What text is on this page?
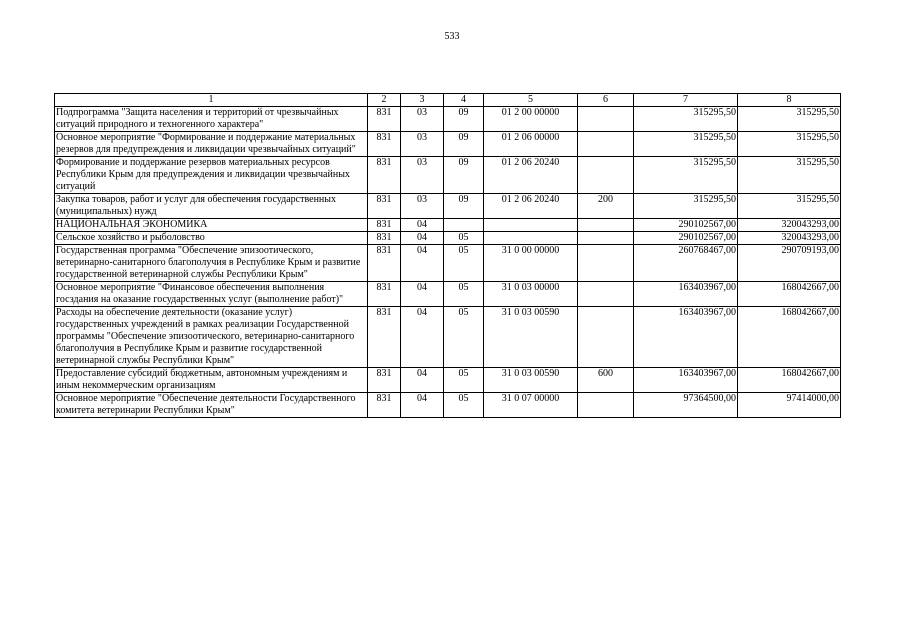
533
1	2	3	4	5	6	7	8
Подпрограмма "Защита населения и территорий от чрезвычайных ситуаций природного и техногенного характера"	831	03	09	01 2 00 00000		315295,50	315295,50
Основное мероприятие "Формирование и поддержание материальных резервов для предупреждения и ликвидации чрезвычайных ситуаций"	831	03	09	01 2 06 00000		315295,50	315295,50
Формирование и поддержание резервов материальных ресурсов Республики Крым для предупреждения и ликвидации чрезвычайных ситуаций	831	03	09	01 2 06 20240		315295,50	315295,50
Закупка товаров, работ и услуг для обеспечения государственных (муниципальных) нужд	831	03	09	01 2 06 20240	200	315295,50	315295,50
НАЦИОНАЛЬНАЯ ЭКОНОМИКА	831	04				290102567,00	320043293,00
Сельское хозяйство и рыболовство	831	04	05			290102567,00	320043293,00
Государственная программа "Обеспечение эпизоотического, ветеринарно-санитарного благополучия в Республике Крым и развитие государственной ветеринарной службы Республики Крым"	831	04	05	31 0 00 00000		260768467,00	290709193,00
Основное мероприятие "Финансовое обеспечения выполнения госздания на оказание государственных услуг (выполнение работ)"	831	04	05	31 0 03 00000		163403967,00	168042667,00
Расходы на обеспечение деятельности (оказание услуг) государственных учреждений в рамках реализации Государственной программы "Обеспечение эпизоотического, ветеринарно-санитарного благополучия в Республике Крым и развитие государственной ветеринарной службы Республики Крым"	831	04	05	31 0 03 00590		163403967,00	168042667,00
Предоставление субсидий бюджетным, автономным учреждениям и иным некоммерческим организациям	831	04	05	31 0 03 00590	600	163403967,00	168042667,00
Основное мероприятие "Обеспечение деятельности Государственного комитета ветеринарии Республики Крым"	831	04	05	31 0 07 00000		97364500,00	97414000,00
